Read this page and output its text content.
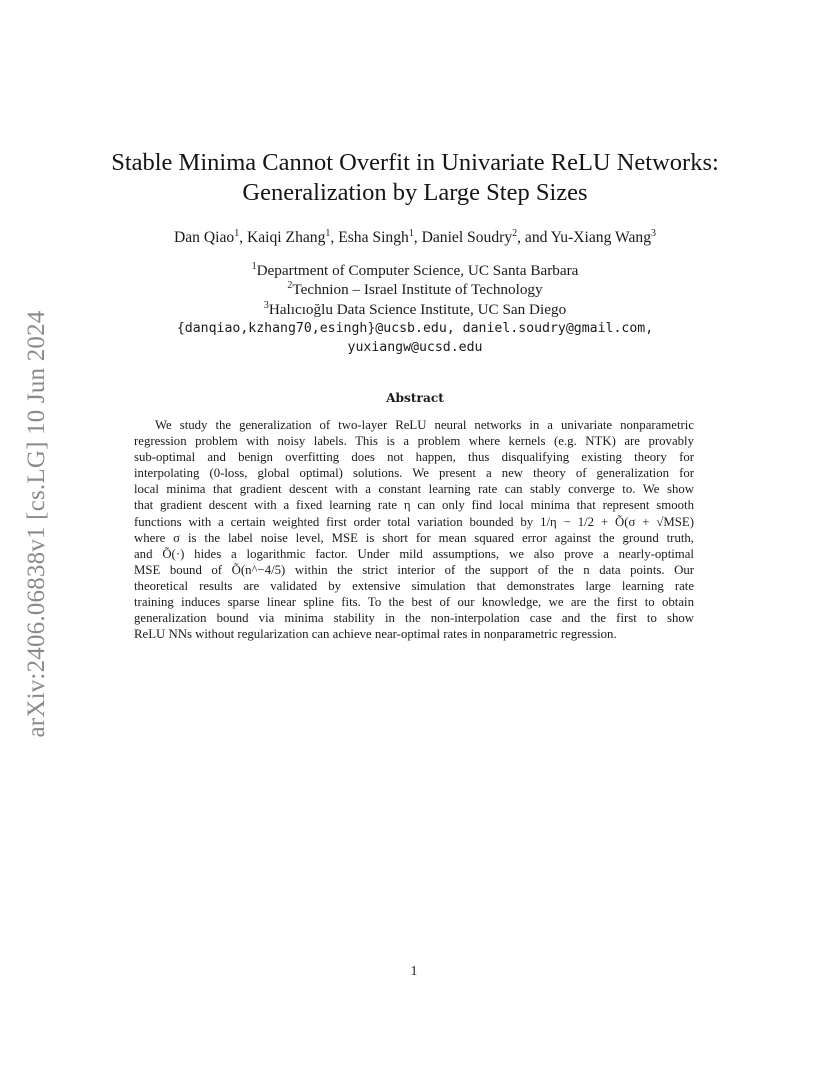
arXiv:2406.06838v1 [cs.LG] 10 Jun 2024
Stable Minima Cannot Overfit in Univariate ReLU Networks:
Generalization by Large Step Sizes
Dan Qiao$^1$, Kaiqi Zhang$^1$, Esha Singh$^1$, Daniel Soudry$^2$, and Yu-Xiang Wang$^3$
$^1$Department of Computer Science, UC Santa Barbara
$^2$Technion – Israel Institute of Technology
$^3$Halıcıoğlu Data Science Institute, UC San Diego
{danqiao,kzhang70,esingh}@ucsb.edu, daniel.soudry@gmail.com,
yuxiangw@ucsd.edu
Abstract
We study the generalization of two-layer ReLU neural networks in a univariate nonparametric
regression problem with noisy labels. This is a problem where kernels (e.g. NTK) are provably
sub-optimal and benign overfitting does not happen, thus disqualifying existing theory for
interpolating (0-loss, global optimal) solutions. We present a new theory of generalization for
local minima that gradient descent with a constant learning rate can stably converge to. We show
that gradient descent with a fixed learning rate η can only find local minima that represent smooth
functions with a certain weighted first order total variation bounded by 1/η − 1/2 + Õ(σ + √MSE)
where σ is the label noise level, MSE is short for mean squared error against the ground truth,
and Õ(·) hides a logarithmic factor. Under mild assumptions, we also prove a nearly-optimal
MSE bound of Õ(n^−4/5) within the strict interior of the support of the n data points. Our
theoretical results are validated by extensive simulation that demonstrates large learning rate
training induces sparse linear spline fits. To the best of our knowledge, we are the first to obtain
generalization bound via minima stability in the non-interpolation case and the first to show
ReLU NNs without regularization can achieve near-optimal rates in nonparametric regression.
1
